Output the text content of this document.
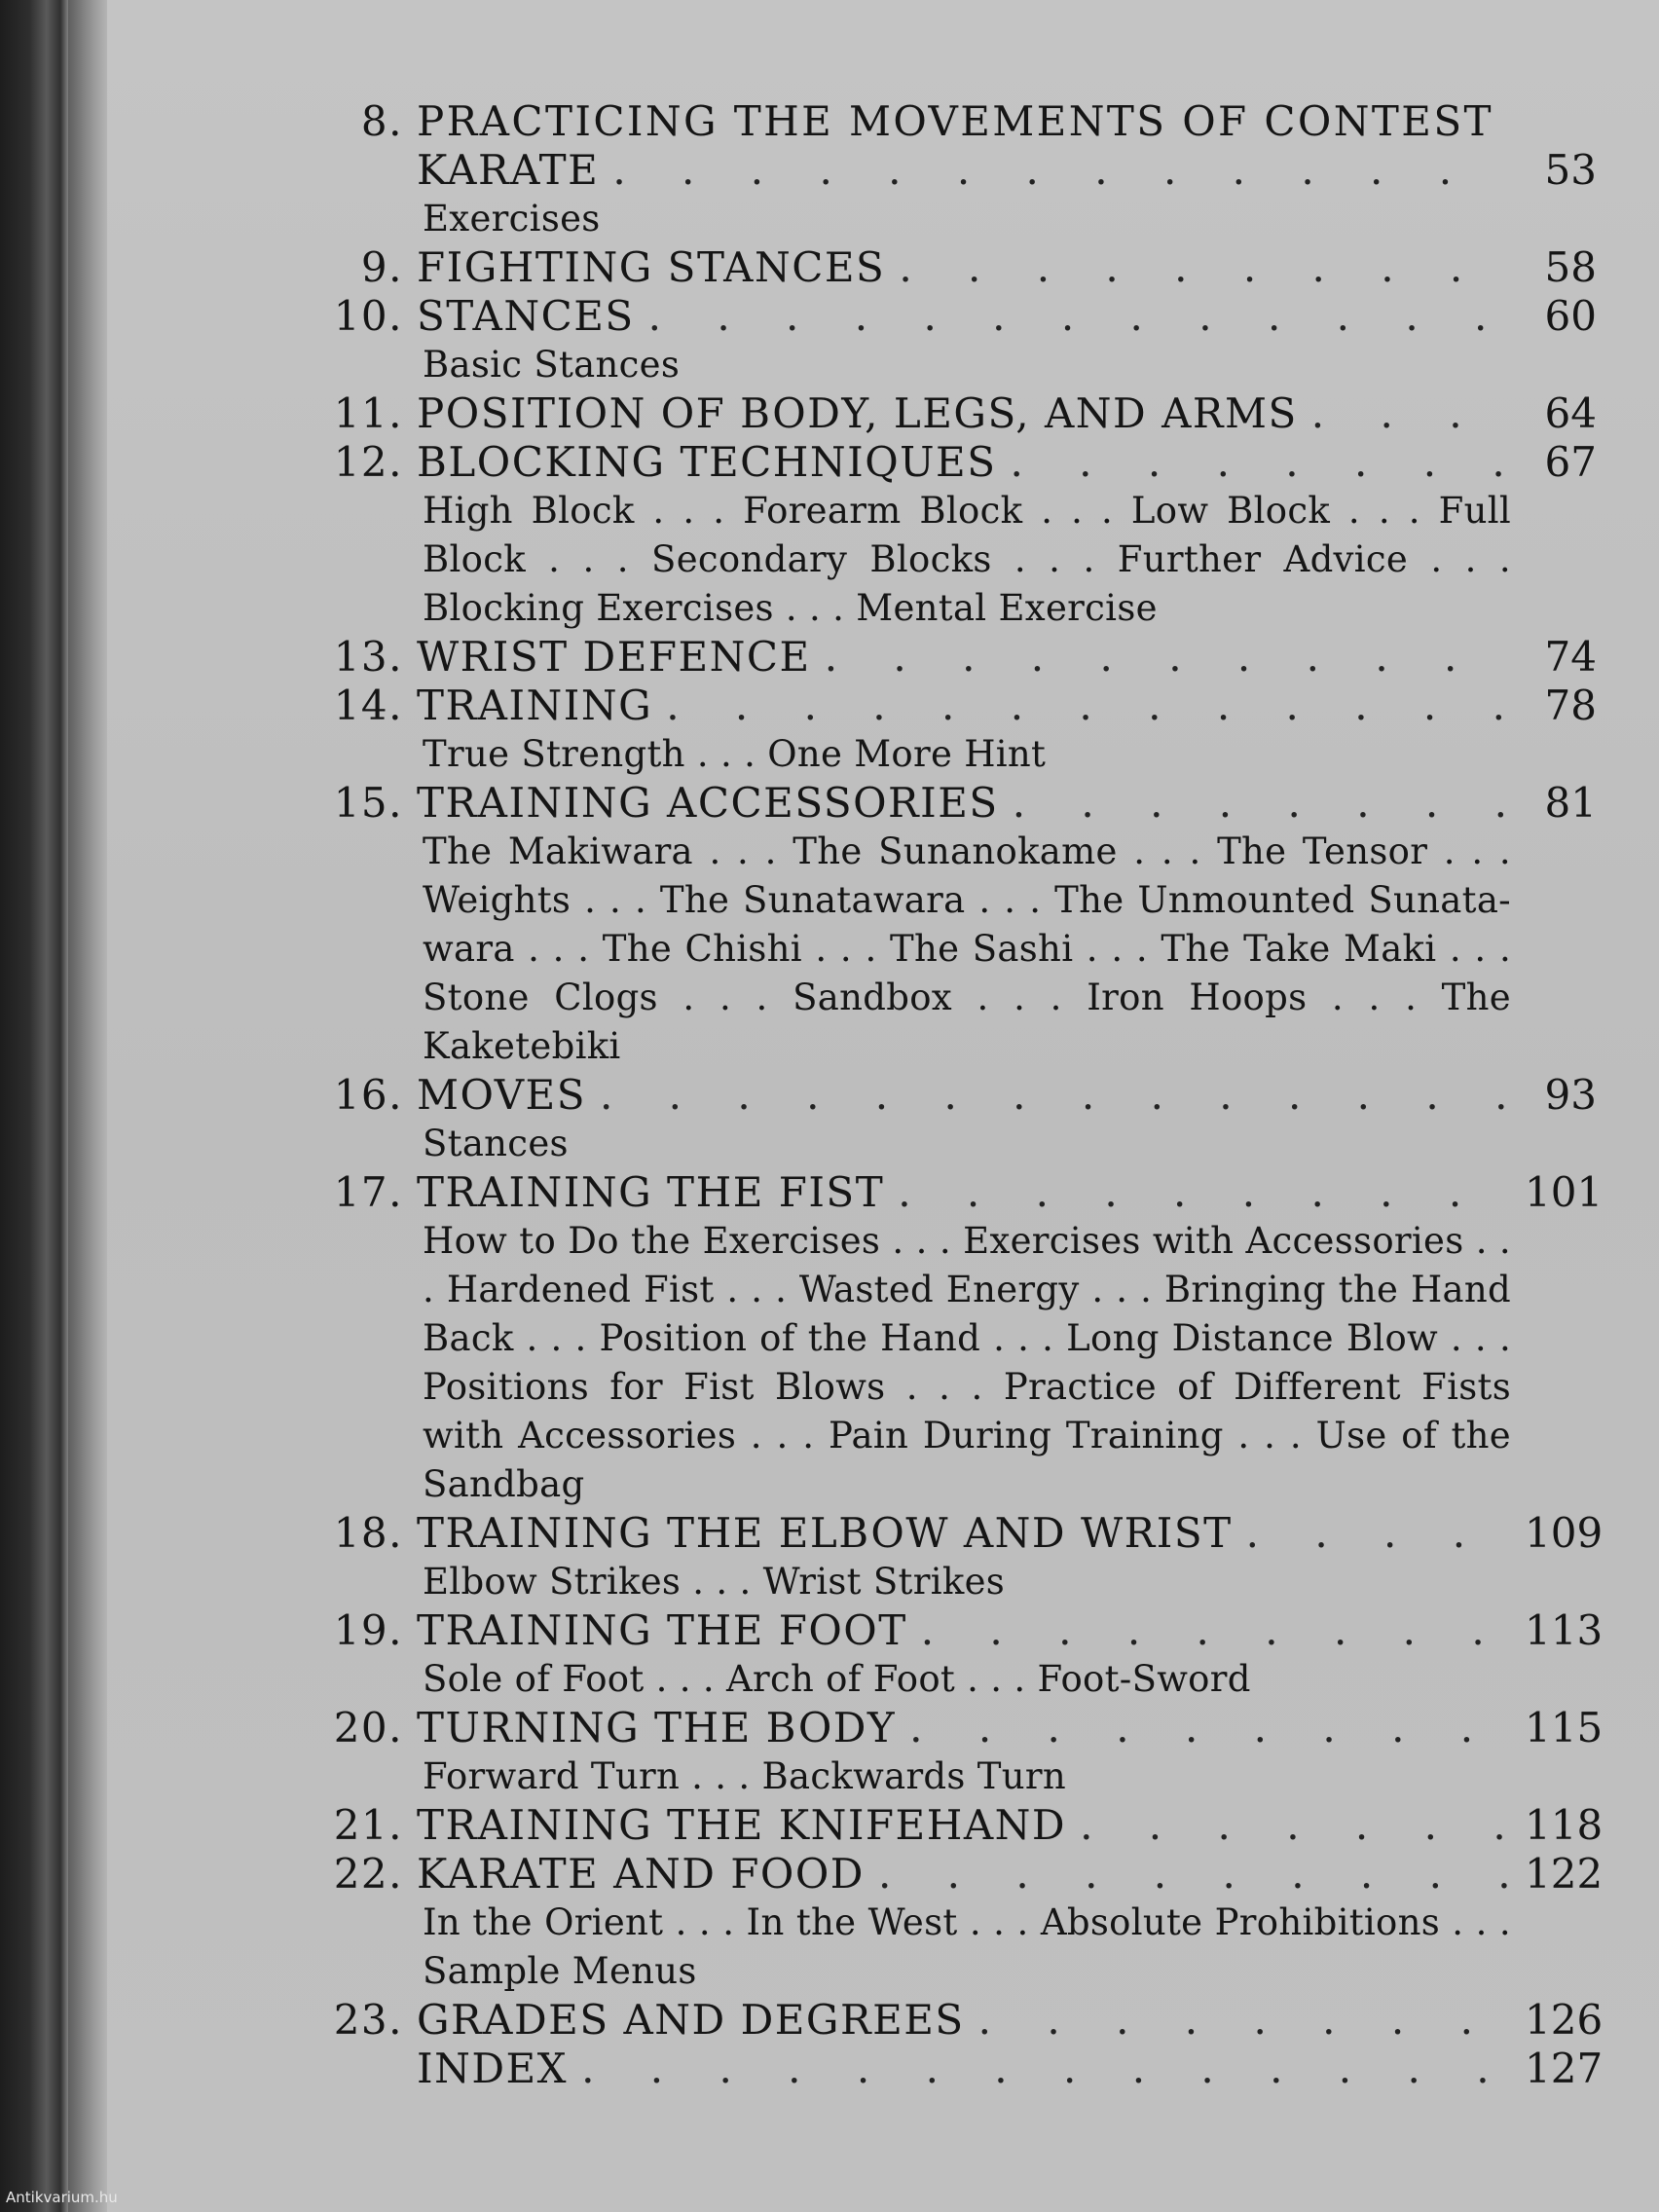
8. PRACTICING THE MOVEMENTS OF CONTEST
KARATE . . .	53
Exercises
9. FIGHTING STANCES . . .	58
10. STANCES . . .	60
Basic Stances
11. POSITION OF BODY, LEGS, AND ARMS . . .	64
12. BLOCKING TECHNIQUES . . .	67
High Block . . . Forearm Block . . . Low Block . . . Full Block . . . Secondary Blocks . . . Further Advice . . . Blocking Exercises . . . Mental Exercise
13. WRIST DEFENCE . . .	74
14. TRAINING . . .	78
True Strength . . . One More Hint
15. TRAINING ACCESSORIES . . .	81
The Makiwara . . . The Sunanokame . . . The Tensor . . . Weights . . . The Sunatawara . . . The Unmounted Sunata-wara . . . The Chishi . . . The Sashi . . . The Take Maki . . . Stone Clogs . . . Sandbox . . . Iron Hoops . . . The Kaketebiki
16. MOVES . . .	93
Stances
17. TRAINING THE FIST . . .	101
How to Do the Exercises . . . Exercises with Accessories . . . Hardened Fist . . . Wasted Energy . . . Bringing the Hand Back . . . Position of the Hand . . . Long Distance Blow . . . Positions for Fist Blows . . . Practice of Different Fists with Accessories . . . Pain During Training . . . Use of the Sandbag
18. TRAINING THE ELBOW AND WRIST . . .	109
Elbow Strikes . . . Wrist Strikes
19. TRAINING THE FOOT . . .	113
Sole of Foot . . . Arch of Foot . . . Foot-Sword
20. TURNING THE BODY . . .	115
Forward Turn . . . Backwards Turn
21. TRAINING THE KNIFEHAND . . .	118
22. KARATE AND FOOD . . .	122
In the Orient . . . In the West . . . Absolute Prohibitions . . . Sample Menus
23. GRADES AND DEGREES . . .	126
INDEX . . .	127
Antikvarium.hu
